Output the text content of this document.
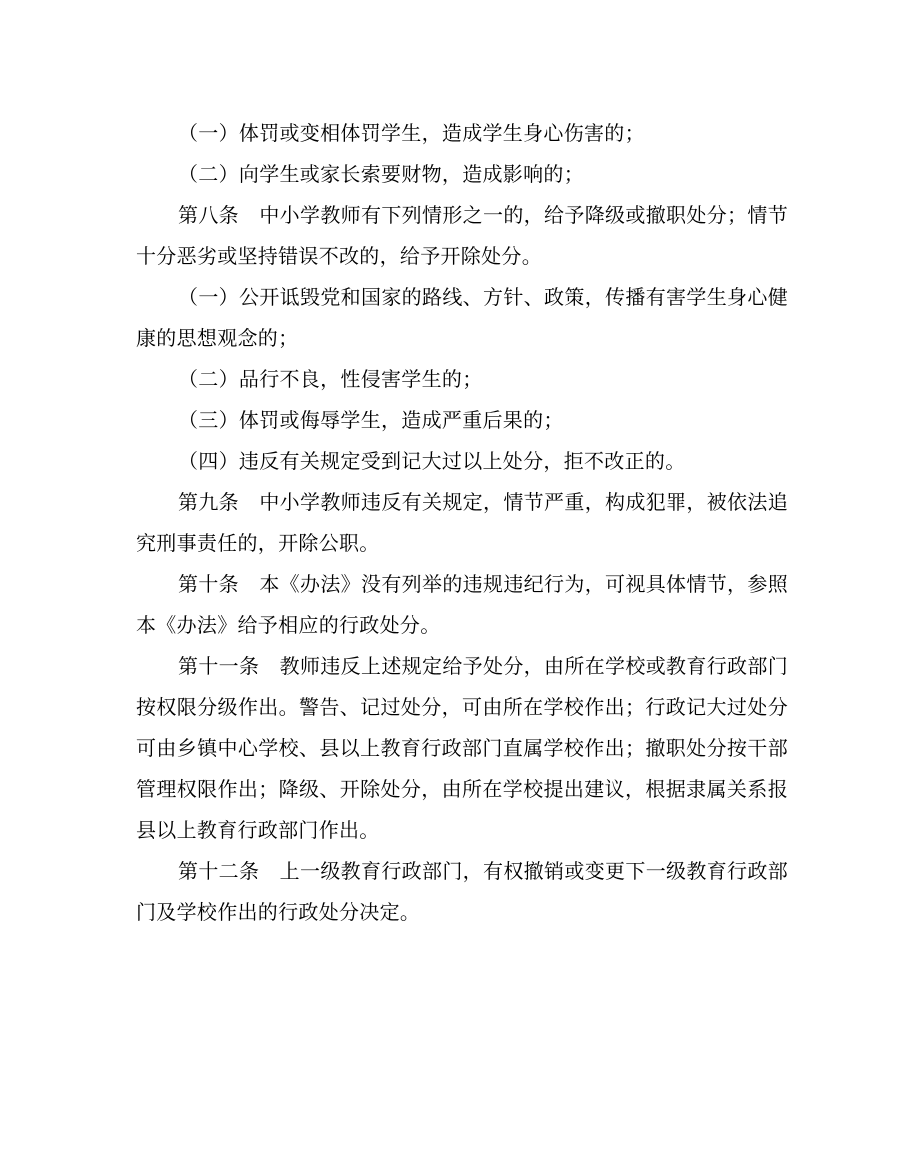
（一）体罚或变相体罚学生，造成学生身心伤害的；

（二）向学生或家长索要财物，造成影响的；

第八条　中小学教师有下列情形之一的，给予降级或撤职处分；情节十分恶劣或坚持错误不改的，给予开除处分。

（一）公开诋毁党和国家的路线、方针、政策，传播有害学生身心健康的思想观念的；

（二）品行不良，性侵害学生的；

（三）体罚或侮辱学生，造成严重后果的；

（四）违反有关规定受到记大过以上处分，拒不改正的。

第九条　中小学教师违反有关规定，情节严重，构成犯罪，被依法追究刑事责任的，开除公职。

第十条　本《办法》没有列举的违规违纪行为，可视具体情节，参照本《办法》给予相应的行政处分。

第十一条　教师违反上述规定给予处分，由所在学校或教育行政部门按权限分级作出。警告、记过处分，可由所在学校作出；行政记大过处分可由乡镇中心学校、县以上教育行政部门直属学校作出；撤职处分按干部管理权限作出；降级、开除处分，由所在学校提出建议，根据隶属关系报县以上教育行政部门作出。

第十二条　上一级教育行政部门，有权撤销或变更下一级教育行政部门及学校作出的行政处分决定。
